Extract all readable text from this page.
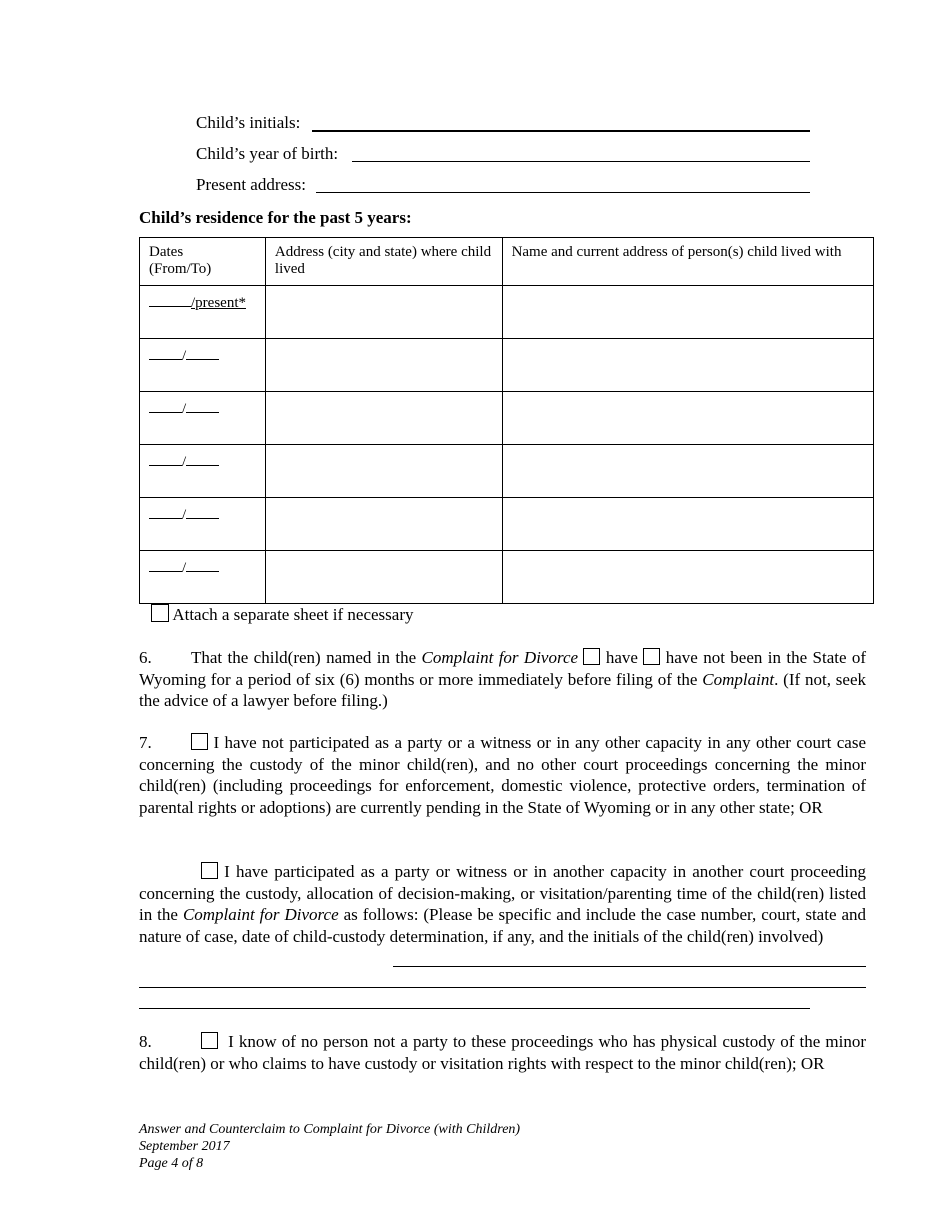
Child’s initials:
Child’s year of birth:
Present address:
Child’s residence for the past 5 years:
Dates
(From/To)	Address (city and state) where child lived	Name and current address of person(s) child lived with
/present*		
/		
/		
/		
/		
/		
Attach a separate sheet if necessary
6. That the child(ren) named in the Complaint for Divorce have have not been in the State of Wyoming for a period of six (6) months or more immediately before filing of the Complaint. (If not, seek the advice of a lawyer before filing.)
7.	I have not participated as a party or a witness or in any other capacity in any other court case concerning the custody of the minor child(ren), and no other court proceedings concerning the minor child(ren) (including proceedings for enforcement, domestic violence, protective orders, termination of parental rights or adoptions) are currently pending in the State of Wyoming or in any other state; OR
I have participated as a party or witness or in another capacity in another court proceeding concerning the custody, allocation of decision-making, or visitation/parenting time of the child(ren) listed in the Complaint for Divorce as follows: (Please be specific and include the case number, court, state and nature of case, date of child-custody determination, if any, and the initials of the child(ren) involved)
8.	I know of no person not a party to these proceedings who has physical custody of the minor child(ren) or who claims to have custody or visitation rights with respect to the minor child(ren); OR
Answer and Counterclaim to Complaint for Divorce (with Children)
September 2017
Page 4 of 8
